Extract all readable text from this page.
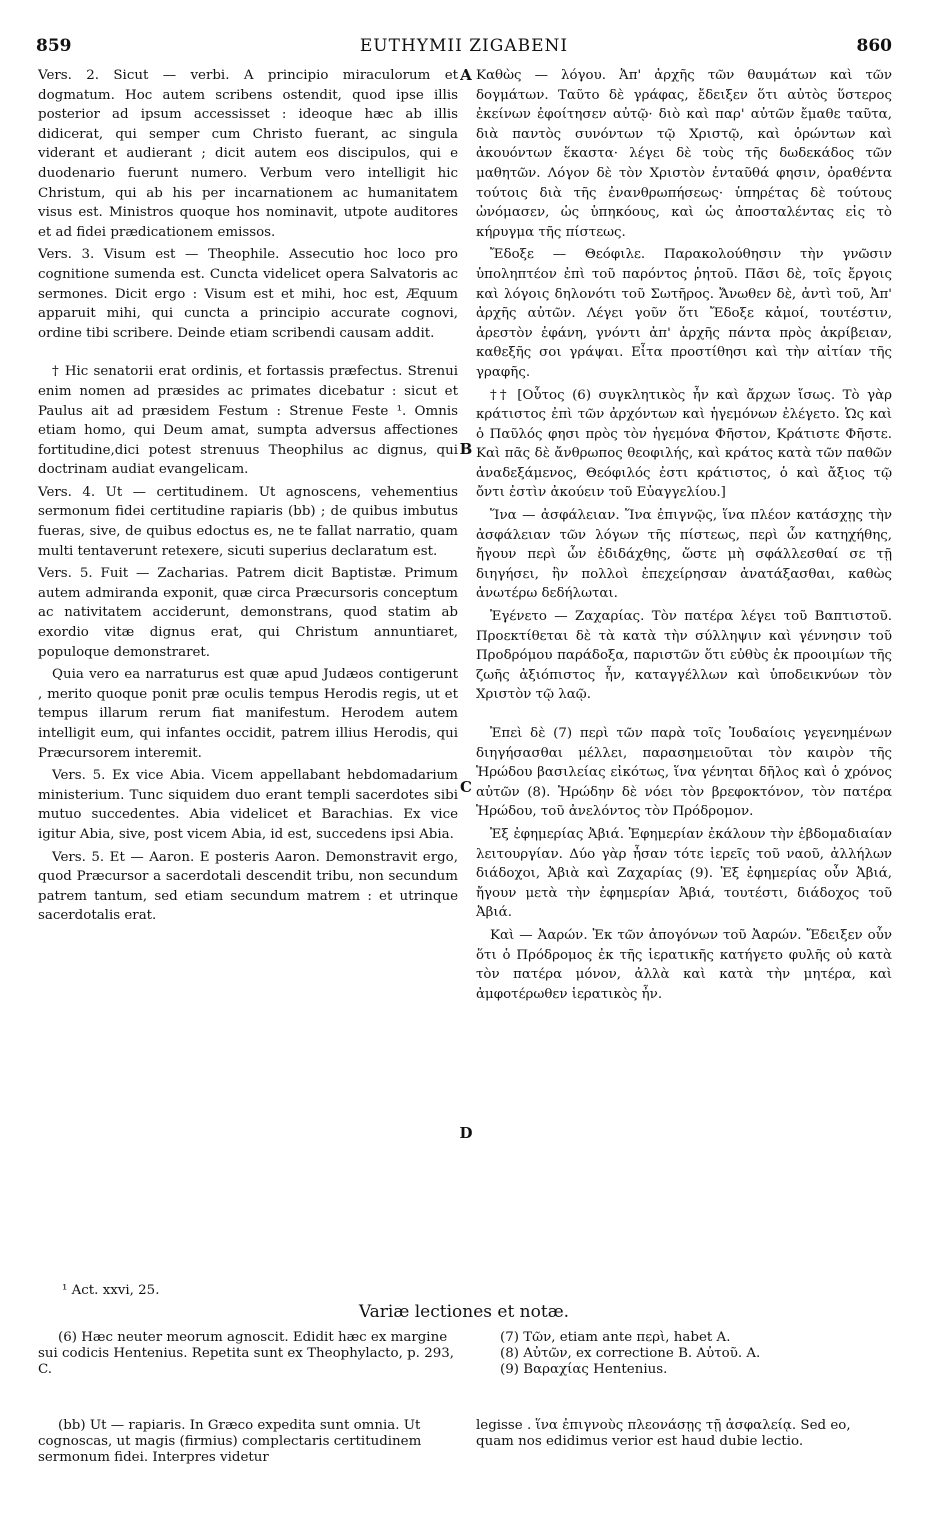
859	EUTHYMII ZIGABENI	860

Vers. 2. Sicut — verbi. A principio miraculorum et dogmatum. Hoc autem scribens ostendit, quod ipse illis posterior ad ipsum accessisset : ideoque hæc ab illis didicerat, qui semper cum Christo fuerant, ac singula viderant et audierant ; dicit autem eos discipulos, qui e duodenario fuerunt numero. Verbum vero intelligit hic Christum, qui ab his per incarnationem ac humanitatem visus est. Ministros quoque hos nominavit, utpote auditores et ad fidei prædicationem emissos.

Vers. 3. Visum est — Theophile. Assecutio hoc loco pro cognitione sumenda est. Cuncta videlicet opera Salvatoris ac sermones. Dicit ergo : Visum est et mihi, hoc est, Æquum apparuit mihi, qui cuncta a principio accurate cognovi, ordine tibi scribere. Deinde etiam scribendi causam addit.

† Hic senatorii erat ordinis, et fortassis præfectus. Strenui enim nomen ad præsides ac primates dicebatur : sicut et Paulus ait ad præsidem Festum : Strenue Feste ¹. Omnis etiam homo, qui Deum amat, sumpta adversus affectiones fortitudine,dici potest strenuus Theophilus ac dignus, qui doctrinam audiat evangelicam.

Vers. 4. Ut — certitudinem. Ut agnoscens, vehementius sermonum fidei certitudine rapiaris (bb) ; de quibus imbutus fueras, sive, de quibus edoctus es, ne te fallat narratio, quam multi tentaverunt retexere, sicuti superius declaratum est.

Vers. 5. Fuit — Zacharias. Patrem dicit Baptistæ. Primum autem admiranda exponit, quæ circa Præcursoris conceptum ac nativitatem acciderunt, demonstrans, quod statim ab exordio vitæ dignus erat, qui Christum annuntiaret, populoque demonstraret.

Quia vero ea narraturus est quæ apud Judæos contigerunt , merito quoque ponit præ oculis tempus Herodis regis, ut et tempus illarum rerum fiat manifestum. Herodem autem intelligit eum, qui infantes occidit, patrem illius Herodis, qui Præcursorem interemit.

Vers. 5. Ex vice Abia. Vicem appellabant hebdomadarium ministerium. Tunc siquidem duo erant templi sacerdotes sibi mutuo succedentes. Abia videlicet et Barachias. Ex vice igitur Abia, sive, post vicem Abia, id est, succedens ipsi Abia.

Vers. 5. Et — Aaron. E posteris Aaron. Demonstravit ergo, quod Præcursor a sacerdotali descendit tribu, non secundum patrem tantum, sed etiam secundum matrem : et utrinque sacerdotalis erat.

A
B
C
D

Καθὼς — λόγου. Ἀπ' ἀρχῆς τῶν θαυμάτων καὶ τῶν δογμάτων. Ταῦτο δὲ γράφας, ἔδειξεν ὅτι αὐτὸς ὕστερος ἐκείνων ἐφοίτησεν αὐτῷ· διὸ καὶ παρ' αὐτῶν ἔμαθε ταῦτα, διὰ παντὸς συνόντων τῷ Χριστῷ, καὶ ὁρώντων καὶ ἀκουόντων ἕκαστα· λέγει δὲ τοὺς τῆς δωδεκάδος τῶν μαθητῶν. Λόγον δὲ τὸν Χριστὸν ἐνταῦθά φησιν, ὀραθέντα τούτοις διὰ τῆς ἐνανθρωπήσεως· ὑπηρέτας δὲ τούτους ὠνόμασεν, ὡς ὑπηκόους, καὶ ὡς ἀποσταλέντας εἰς τὸ κήρυγμα τῆς πίστεως.

Ἔδοξε — Θεόφιλε. Παρακολούθησιν τὴν γνῶσιν ὑποληπτέον ἐπὶ τοῦ παρόντος ῥητοῦ. Πᾶσι δὲ, τοῖς ἔργοις καὶ λόγοις δηλονότι τοῦ Σωτῆρος. Ἄνωθεν δὲ, ἀντὶ τοῦ, Ἀπ' ἀρχῆς αὐτῶν. Λέγει γοῦν ὅτι Ἔδοξε κἀμοί, τουτέστιν, ἀρεστὸν ἐφάνη, γνόντι ἀπ' ἀρχῆς πάντα πρὸς ἀκρίβειαν, καθεξῆς σοι γράψαι. Εἶτα προστίθησι καὶ τὴν αἰτίαν τῆς γραφῆς.

†† [Οὗτος (6) συγκλητικὸς ἦν καὶ ἄρχων ἴσως. Τὸ γὰρ κράτιστος ἐπὶ τῶν ἀρχόντων καὶ ἡγεμόνων ἐλέγετο. Ὡς καὶ ὁ Παῦλός φησι πρὸς τὸν ἡγεμόνα Φῆστον, Κράτιστε Φῆστε. Καὶ πᾶς δὲ ἄνθρωπος θεοφιλής, καὶ κράτος κατὰ τῶν παθῶν ἀναδεξάμενος, Θεόφιλός ἐστι κράτιστος, ὁ καὶ ἄξιος τῷ ὄντι ἐστὶν ἀκούειν τοῦ Εὐαγγελίου.]

Ἵνα — ἀσφάλειαν. Ἵνα ἐπιγνῷς, ἵνα πλέον κατάσχῃς τὴν ἀσφάλειαν τῶν λόγων τῆς πίστεως, περὶ ὧν κατηχήθης, ἤγουν περὶ ὧν ἐδιδάχθης, ὥστε μὴ σφάλλεσθαί σε τῇ διηγήσει, ἣν πολλοὶ ἐπεχείρησαν ἀνατάξασθαι, καθὼς ἀνωτέρω δεδήλωται.

Ἐγένετο — Ζαχαρίας. Τὸν πατέρα λέγει τοῦ Βαπτιστοῦ. Προεκτίθεται δὲ τὰ κατὰ τὴν σύλληψιν καὶ γέννησιν τοῦ Προδρόμου παράδοξα, παριστῶν ὅτι εὐθὺς ἐκ προοιμίων τῆς ζωῆς ἀξιόπιστος ἦν, καταγγέλλων καὶ ὑποδεικνύων τὸν Χριστὸν τῷ λαῷ.

Ἐπεὶ δὲ (7) περὶ τῶν παρὰ τοῖς Ἰουδαίοις γεγενημένων διηγήσασθαι μέλλει, παρασημειοῦται τὸν καιρὸν τῆς Ἡρώδου βασιλείας εἰκότως, ἵνα γένηται δῆλος καὶ ὁ χρόνος αὐτῶν (8). Ἡρώδην δὲ νόει τὸν βρεφοκτόνον, τὸν πατέρα Ἡρώδου, τοῦ ἀνελόντος τὸν Πρόδρομον.

Ἐξ ἐφημερίας Ἀβιά. Ἐφημερίαν ἐκάλουν τὴν ἑβδομαδιαίαν λειτουργίαν. Δύο γὰρ ἦσαν τότε ἱερεῖς τοῦ ναοῦ, ἀλλήλων διάδοχοι, Ἀβιὰ καὶ Ζαχαρίας (9). Ἐξ ἐφημερίας οὖν Ἀβιά, ἤγουν μετὰ τὴν ἐφημερίαν Ἀβιά, τουτέστι, διάδοχος τοῦ Ἀβιά.

Καὶ — Ἀαρών. Ἐκ τῶν ἀπογόνων τοῦ Ἀαρών. Ἔδειξεν οὖν ὅτι ὁ Πρόδρομος ἐκ τῆς ἱερατικῆς κατήγετο φυλῆς οὐ κατὰ τὸν πατέρα μόνον, ἀλλὰ καὶ κατὰ τὴν μητέρα, καὶ ἀμφοτέρωθεν ἱερατικὸς ἦν.

¹ Act. xxvi, 25.
Variæ lectiones et notæ.
(6) Hæc neuter meorum agnoscit. Edidit hæc ex margine sui codicis Hentenius. Repetita sunt ex Theophylacto, p. 293, C.

(7) Τῶν, etiam ante περὶ, habet A.

(8) Αὐτῶν, ex correctione B. Αὐτοῦ. A.

(9) Βαραχίας Hentenius.

(bb) Ut — rapiaris. In Græco expedita sunt omnia. Ut cognoscas, ut magis (firmius) complectaris certitudinem sermonum fidei. Interpres videtur
legisse . ἵνα ἐπιγνοὺς πλεονάσῃς τῇ ἀσφαλείᾳ. Sed eo, quam nos edidimus verior est haud dubie lectio.
